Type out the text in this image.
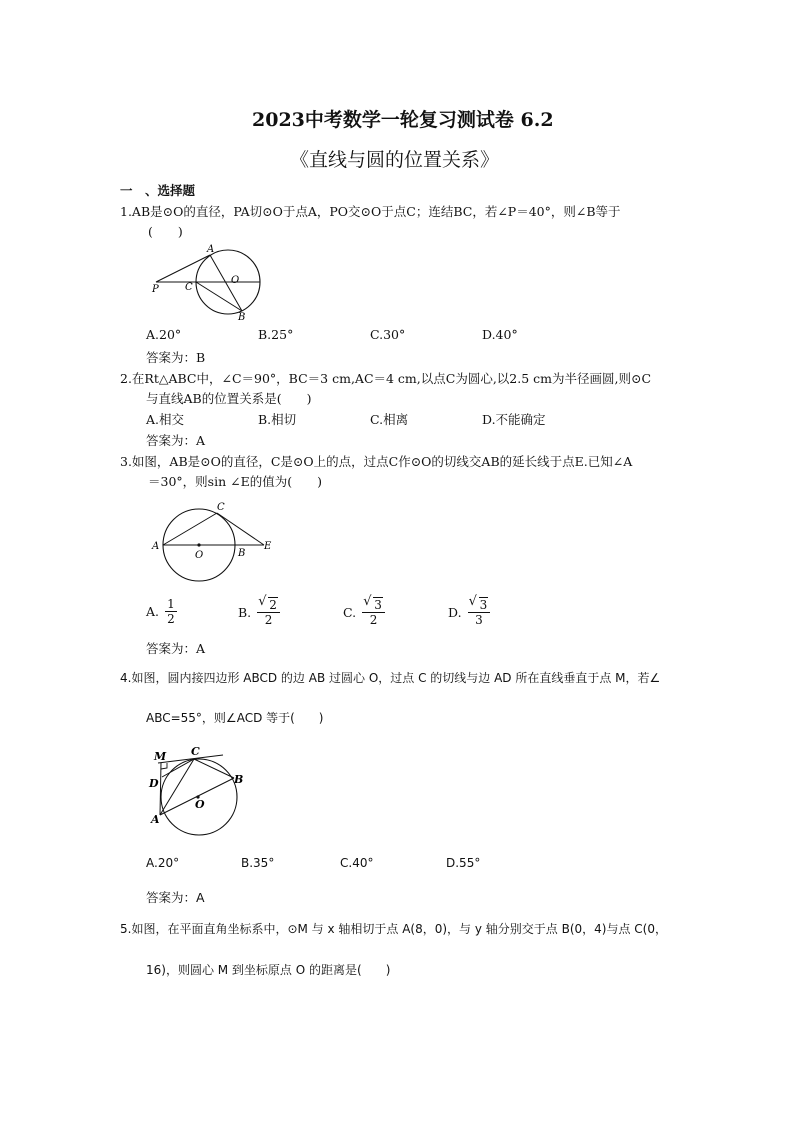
2023中考数学一轮复习测试卷 6.2
《直线与圆的位置关系》
一　、选择题
1.AB是⊙O的直径，PA切⊙O于点A，PO交⊙O于点C；连结BC，若∠P＝40°，则∠B等于
(　　)
A
P	C
O
B
A.20°	B.25°	C.30°	D.40°
答案为：B
2.在Rt△ABC中，∠C＝90°，BC＝3 cm,AC＝4 cm,以点C为圆心,以2.5 cm为半径画圆,则⊙C
与直线AB的位置关系是(　　)
A.相交	B.相切	C.相离	D.不能确定
答案为：A
3.如图，AB是⊙O的直径，C是⊙O上的点，过点C作⊙O的切线交AB的延长线于点E.已知∠A
＝30°，则sin ∠E的值为(　　)
A
O	B
E
C
A. $\frac{1}{2}$	B. √ $\frac{2}{2}$	C. √ $\frac{3}{2}$	D. √ $\frac{3}{3}$
答案为：A
4.如图，圆内接四边形 ABCD 的边 AB 过圆心 O，过点 C 的切线与边 AD 所在直线垂直于点 M，若∠
ABC=55°，则∠ACD 等于(　　)
M C
D	B
O
A
A.20°	B.35°	C.40°	D.55°
答案为：A
5.如图，在平面直角坐标系中，⊙M 与 x 轴相切于点 A(8，0)，与 y 轴分别交于点 B(0，4)与点 C(0，
16)，则圆心 M 到坐标原点 O 的距离是(　　)
